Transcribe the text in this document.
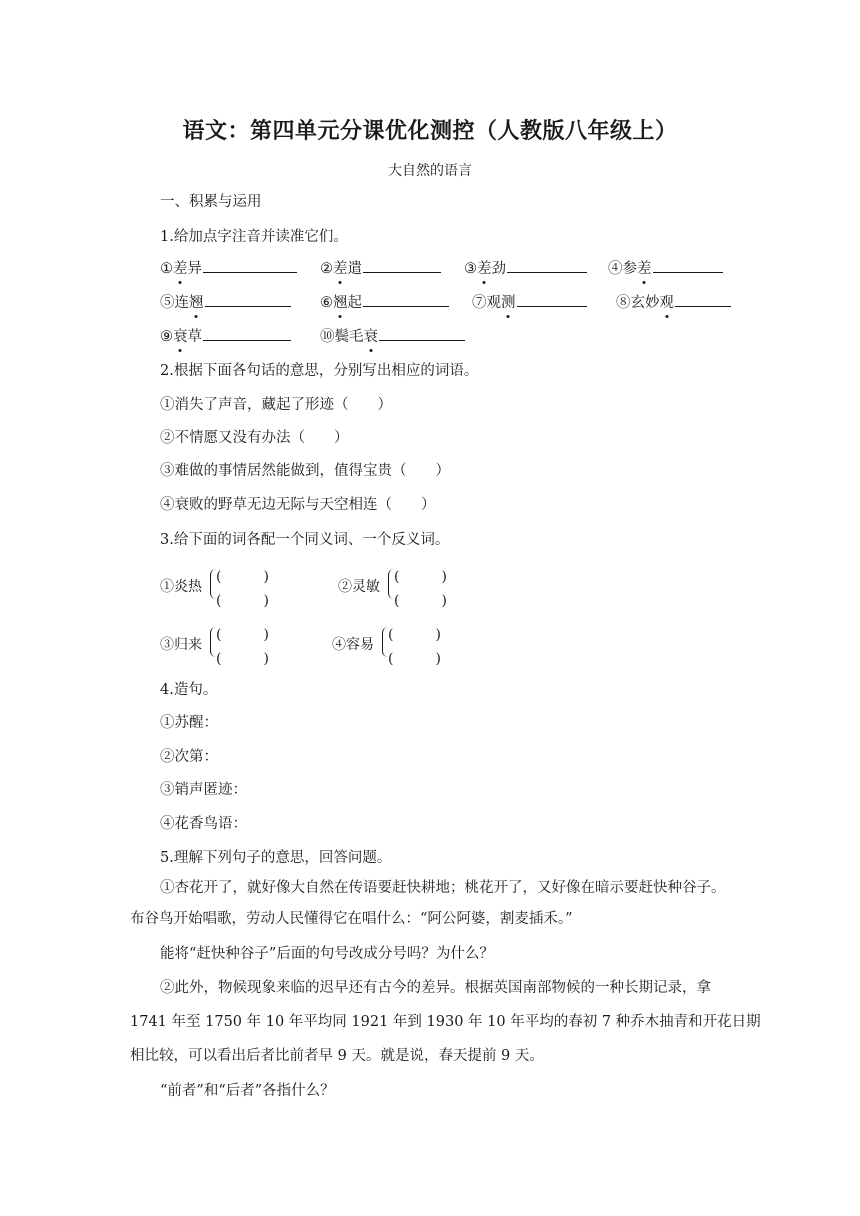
语文：第四单元分课优化测控（人教版八年级上）
大自然的语言
一、积累与运用
1.给加点字注音并读准它们。
①差异	②差遣	③差劲	④参差
⑤连翘	⑥翘起	⑦观测	⑧玄妙观
⑨衰草	⑩鬓毛衰
2.根据下面各句话的意思，分别写出相应的词语。
①消失了声音，藏起了形迹（　　）
②不情愿又没有办法（　　）
③难做的事情居然能做到，值得宝贵（　　）
④衰败的野草无边无际与天空相连（　　）
3.给下面的词各配一个同义词、一个反义词。
①炎热
(　　　)
(　　　)
②灵敏
(　　　)
(　　　)
③归来
(　　　)
(　　　)
④容易
(　　　)
(　　　)
4.造句。
①苏醒：
②次第：
③销声匿迹：
④花香鸟语：
5.理解下列句子的意思，回答问题。
①杏花开了，就好像大自然在传语要赶快耕地；桃花开了，又好像在暗示要赶快种谷子。
布谷鸟开始唱歌，劳动人民懂得它在唱什么：“阿公阿婆，割麦插禾。”
能将“赶快种谷子”后面的句号改成分号吗？为什么？
②此外，物候现象来临的迟早还有古今的差异。根据英国南部物候的一种长期记录，拿
1741 年至 1750 年 10 年平均同 1921 年到 1930 年 10 年平均的春初 7 种乔木抽青和开花日期
相比较，可以看出后者比前者早 9 天。就是说，春天提前 9 天。
“前者”和“后者”各指什么？
